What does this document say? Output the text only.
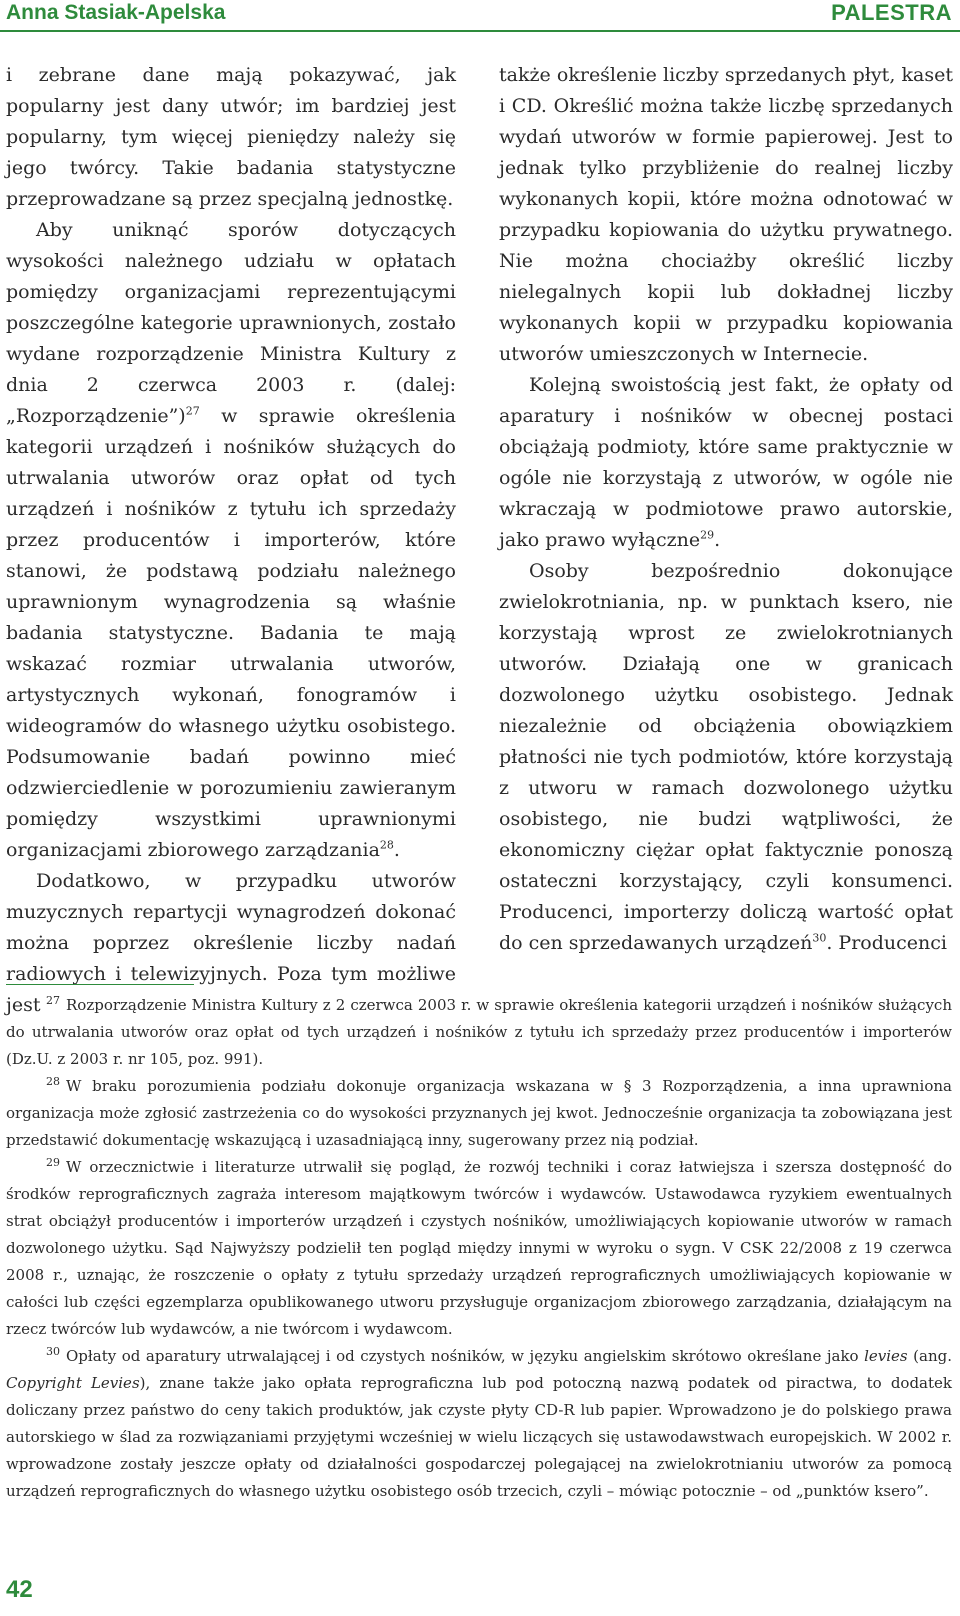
Anna Stasiak-Apelska	PALESTRA

i zebrane dane mają pokazywać, jak popularny jest dany utwór; im bardziej jest popularny, tym więcej pieniędzy należy się jego twórcy. Takie badania statystyczne przeprowadzane są przez specjalną jednostkę.

Aby uniknąć sporów dotyczących wysokości należnego udziału w opłatach pomiędzy organizacjami reprezentującymi poszczególne kategorie uprawnionych, zostało wydane rozporządzenie Ministra Kultury z dnia 2 czerwca 2003 r. (dalej: „Rozporządzenie”)$^{27}$ w sprawie określenia kategorii urządzeń i nośników służących do utrwalania utworów oraz opłat od tych urządzeń i nośników z tytułu ich sprzedaży przez producentów i importerów, które stanowi, że podstawą podziału należnego uprawnionym wynagrodzenia są właśnie badania statystyczne. Badania te mają wskazać rozmiar utrwalania utworów, artystycznych wykonań, fonogramów i wideogramów do własnego użytku osobistego. Podsumowanie badań powinno mieć odzwierciedlenie w porozumieniu zawieranym pomiędzy wszystkimi uprawnionymi organizacjami zbiorowego zarządzania$^{28}$.

Dodatkowo, w przypadku utworów muzycznych repartycji wynagrodzeń dokonać można poprzez określenie liczby nadań radiowych i telewizyjnych. Poza tym możliwe jest

także określenie liczby sprzedanych płyt, kaset i CD. Określić można także liczbę sprzedanych wydań utworów w formie papierowej. Jest to jednak tylko przybliżenie do realnej liczby wykonanych kopii, które można odnotować w przypadku kopiowania do użytku prywatnego. Nie można chociażby określić liczby nielegalnych kopii lub dokładnej liczby wykonanych kopii w przypadku kopiowania utworów umieszczonych w Internecie.

Kolejną swoistością jest fakt, że opłaty od aparatury i nośników w obecnej postaci obciążają podmioty, które same praktycznie w ogóle nie korzystają z utworów, w ogóle nie wkraczają w podmiotowe prawo autorskie, jako prawo wyłączne$^{29}$.

Osoby bezpośrednio dokonujące zwielokrotniania, np. w punktach ksero, nie korzystają wprost ze zwielokrotnianych utworów. Działają one w granicach dozwolonego użytku osobistego. Jednak niezależnie od obciążenia obowiązkiem płatności nie tych podmiotów, które korzystają z utworu w ramach dozwolonego użytku osobistego, nie budzi wątpliwości, że ekonomiczny ciężar opłat faktycznie ponoszą ostateczni korzystający, czyli konsumenci. Producenci, importerzy doliczą wartość opłat do cen sprzedawanych urządzeń$^{30}$. Producenci

$^{27}$ Rozporządzenie Ministra Kultury z 2 czerwca 2003 r. w sprawie określenia kategorii urządzeń i nośników służących do utrwalania utworów oraz opłat od tych urządzeń i nośników z tytułu ich sprzedaży przez producentów i importerów (Dz.U. z 2003 r. nr 105, poz. 991).

$^{28}$ W braku porozumienia podziału dokonuje organizacja wskazana w § 3 Rozporządzenia, a inna uprawniona organizacja może zgłosić zastrzeżenia co do wysokości przyznanych jej kwot. Jednocześnie organizacja ta zobowiązana jest przedstawić dokumentację wskazującą i uzasadniającą inny, sugerowany przez nią podział.

$^{29}$ W orzecznictwie i literaturze utrwalił się pogląd, że rozwój techniki i coraz łatwiejsza i szersza dostępność do środków reprograficznych zagraża interesom majątkowym twórców i wydawców. Ustawodawca ryzykiem ewentualnych strat obciążył producentów i importerów urządzeń i czystych nośników, umożliwiających kopiowanie utworów w ramach dozwolonego użytku. Sąd Najwyższy podzielił ten pogląd między innymi w wyroku o sygn. V CSK 22/2008 z 19 czerwca 2008 r., uznając, że roszczenie o opłaty z tytułu sprzedaży urządzeń reprograficznych umożliwiających kopiowanie w całości lub części egzemplarza opublikowanego utworu przysługuje organizacjom zbiorowego zarządzania, działającym na rzecz twórców lub wydawców, a nie twórcom i wydawcom.

$^{30}$ Opłaty od aparatury utrwalającej i od czystych nośników, w języku angielskim skrótowo określane jako levies (ang. Copyright Levies), znane także jako opłata reprograficzna lub pod potoczną nazwą podatek od piractwa, to dodatek doliczany przez państwo do ceny takich produktów, jak czyste płyty CD-R lub papier. Wprowadzono je do polskiego prawa autorskiego w ślad za rozwiązaniami przyjętymi wcześniej w wielu liczących się ustawodawstwach europejskich. W 2002 r. wprowadzone zostały jeszcze opłaty od działalności gospodarczej polegającej na zwielokrotnianiu utworów za pomocą urządzeń reprograficznych do własnego użytku osobistego osób trzecich, czyli – mówiąc potocznie – od „punktów ksero”.

42
